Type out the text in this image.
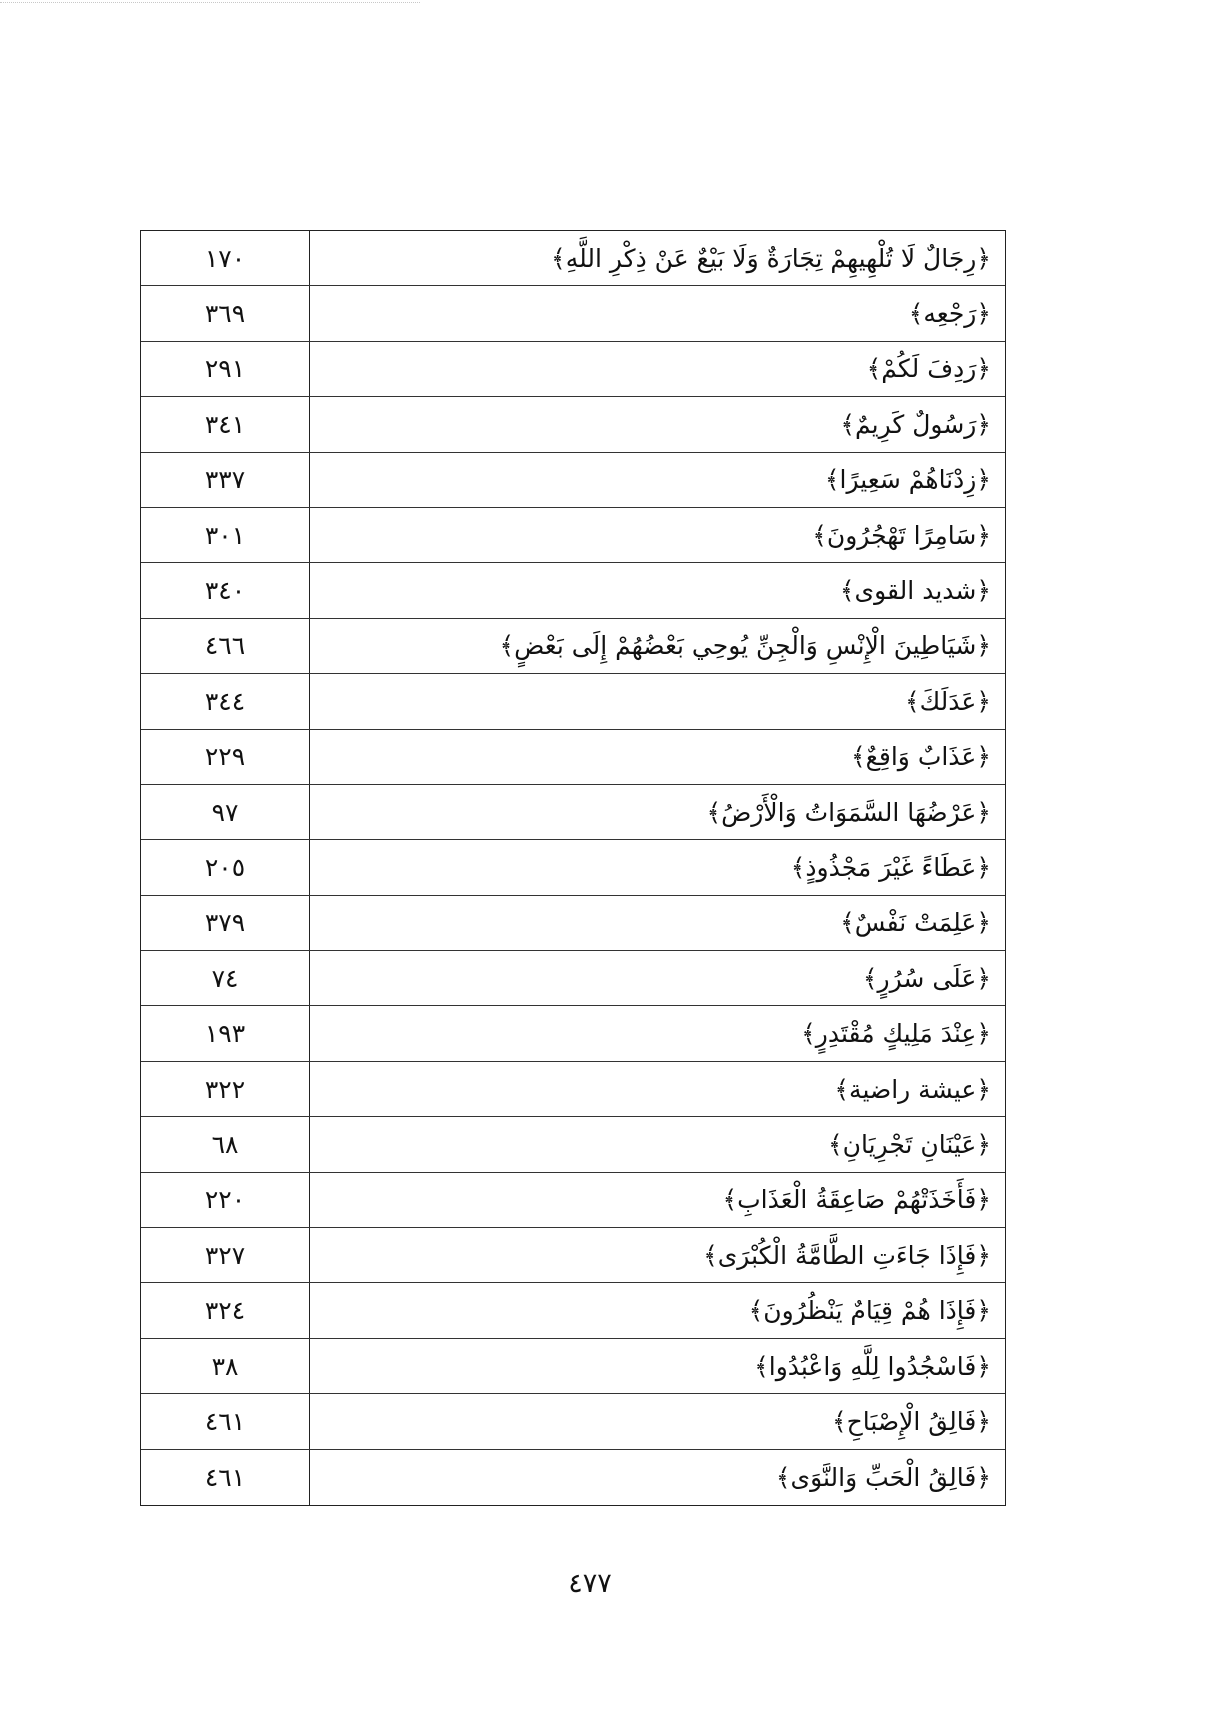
١٧٠	﴿رِجَالٌ لَا تُلْهِيهِمْ تِجَارَةٌ وَلَا بَيْعٌ عَنْ ذِكْرِ اللَّهِ﴾
٣٦٩	﴿رَجْعِه﴾
٢٩١	﴿رَدِفَ لَكُمْ﴾
٣٤١	﴿رَسُولٌ كَرِيمٌ﴾
٣٣٧	﴿زِدْنَاهُمْ سَعِيرًا﴾
٣٠١	﴿سَامِرًا تَهْجُرُونَ﴾
٣٤٠	﴿شديد القوى﴾
٤٦٦	﴿شَيَاطِينَ الْإِنْسِ وَالْجِنِّ يُوحِي بَعْضُهُمْ إِلَى بَعْضٍ﴾
٣٤٤	﴿عَدَلَكَ﴾
٢٢٩	﴿عَذَابٌ وَاقِعٌ﴾
٩٧	﴿عَرْضُهَا السَّمَوَاتُ وَالْأَرْضُ﴾
٢٠٥	﴿عَطَاءً غَيْرَ مَجْذُوذٍ﴾
٣٧٩	﴿عَلِمَتْ نَفْسٌ﴾
٧٤	﴿عَلَى سُرُرٍ﴾
١٩٣	﴿عِنْدَ مَلِيكٍ مُقْتَدِرٍ﴾
٣٢٢	﴿عيشة راضية﴾
٦٨	﴿عَيْنَانِ تَجْرِيَانِ﴾
٢٢٠	﴿فَأَخَذَتْهُمْ صَاعِقَةُ الْعَذَابِ﴾
٣٢٧	﴿فَإِذَا جَاءَتِ الطَّامَّةُ الْكُبْرَى﴾
٣٢٤	﴿فَإِذَا هُمْ قِيَامٌ يَنْظُرُونَ﴾
٣٨	﴿فَاسْجُدُوا لِلَّهِ وَاعْبُدُوا﴾
٤٦١	﴿فَالِقُ الْإِصْبَاحِ﴾
٤٦١	﴿فَالِقُ الْحَبِّ وَالنَّوَى﴾
٤٧٧
